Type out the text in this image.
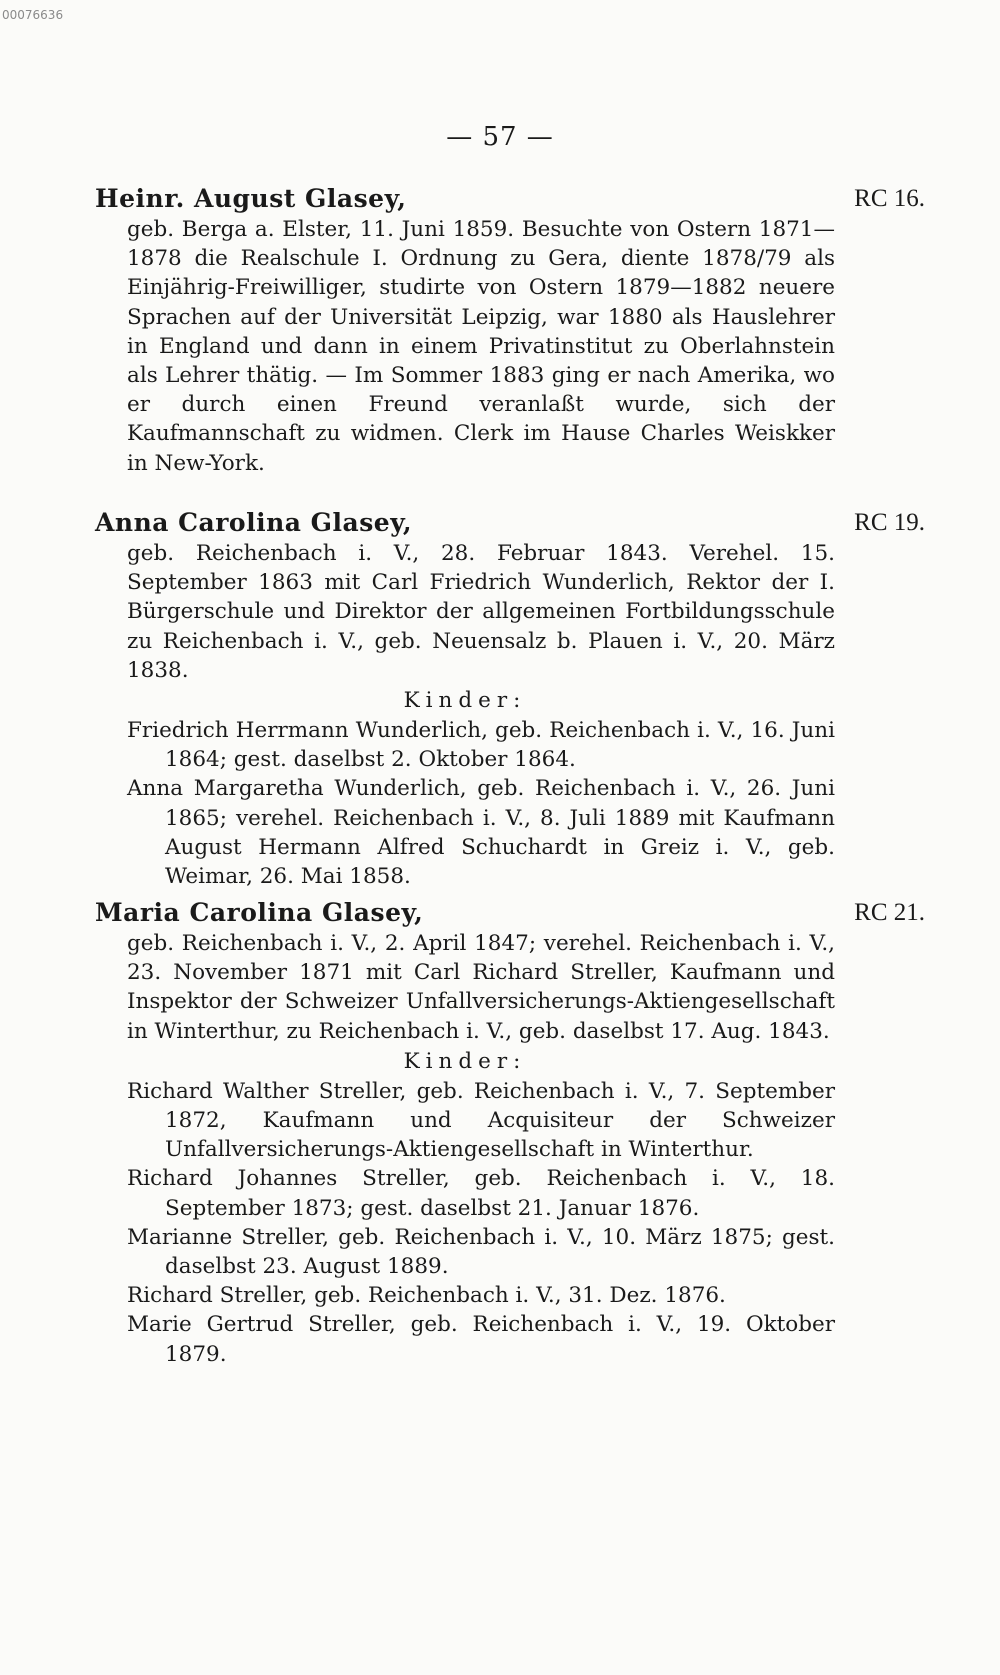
00076636
— 57 —
Heinr. August Glasey,	RC 16.

geb. Berga a. Elster, 11. Juni 1859. Besuchte von Ostern 1871—1878 die Realschule I. Ordnung zu Gera, diente 1878/79 als Einjährig-Freiwilliger, studirte von Ostern 1879—1882 neuere Sprachen auf der Universität Leipzig, war 1880 als Hauslehrer in England und dann in einem Privatinstitut zu Oberlahnstein als Lehrer thätig. — Im Sommer 1883 ging er nach Amerika, wo er durch einen Freund veranlaßt wurde, sich der Kaufmannschaft zu widmen. Clerk im Hause Charles Weiskker in New-York.

Anna Carolina Glasey,	RC 19.

geb. Reichenbach i. V., 28. Februar 1843. Verehel. 15. September 1863 mit Carl Friedrich Wunderlich, Rektor der I. Bürgerschule und Direktor der allgemeinen Fortbildungsschule zu Reichenbach i. V., geb. Neuensalz b. Plauen i. V., 20. März 1838.

Kinder:

Friedrich Herrmann Wunderlich, geb. Reichenbach i. V., 16. Juni 1864; gest. daselbst 2. Oktober 1864.

Anna Margaretha Wunderlich, geb. Reichenbach i. V., 26. Juni 1865; verehel. Reichenbach i. V., 8. Juli 1889 mit Kaufmann August Hermann Alfred Schuchardt in Greiz i. V., geb. Weimar, 26. Mai 1858.

Maria Carolina Glasey,	RC 21.

geb. Reichenbach i. V., 2. April 1847; verehel. Reichenbach i. V., 23. November 1871 mit Carl Richard Streller, Kaufmann und Inspektor der Schweizer Unfallversicherungs-Aktiengesellschaft in Winterthur, zu Reichenbach i. V., geb. daselbst 17. Aug. 1843.

Kinder:

Richard Walther Streller, geb. Reichenbach i. V., 7. September 1872, Kaufmann und Acquisiteur der Schweizer Unfallversicherungs-Aktiengesellschaft in Winterthur.

Richard Johannes Streller, geb. Reichenbach i. V., 18. September 1873; gest. daselbst 21. Januar 1876.

Marianne Streller, geb. Reichenbach i. V., 10. März 1875; gest. daselbst 23. August 1889.

Richard Streller, geb. Reichenbach i. V., 31. Dez. 1876.

Marie Gertrud Streller, geb. Reichenbach i. V., 19. Oktober 1879.
